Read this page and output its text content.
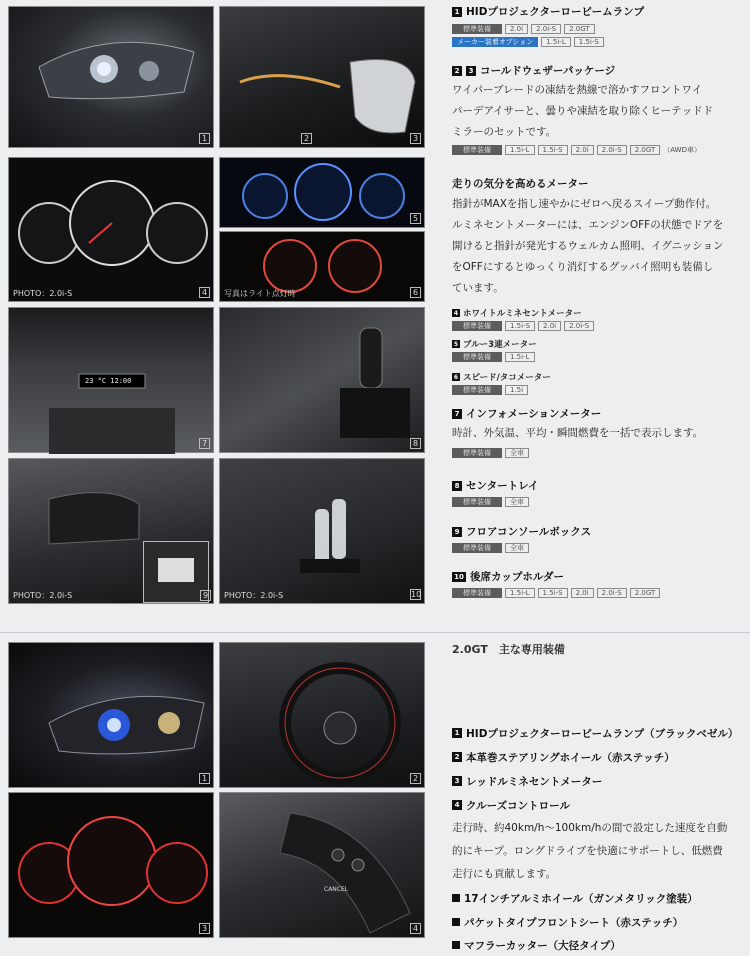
1	2	3
PHOTO：2.0i-S	4
5
写真はライト点灯時	6
23 °C 12:00
7	8
PHOTO：2.0i-S	PHOTO：2.0i-S	10
9
1 HIDプロジェクターロービームランプ
標準装備	2.0i	2.0i-S	2.0GT
メーカー装着オプション	1.5i-L	1.5i-S
2	3 コールドウェザーパッケージ
ワイパーブレードの凍結を熱線で溶かすフロントワイ
パーデアイサーと、曇りや凍結を取り除くヒーテッドド
ミラーのセットです。
標準装備	1.5i-L	1.5i-S	2.0i	2.0i-S	2.0GT	（AWD車）
走りの気分を高めるメーター
指針がMAXを指し速やかにゼロへ戻るスイープ動作付。
ルミネセントメーターには、エンジンOFFの状態でドアを
開けると指針が発光するウェルカム照明、イグニッション
をOFFにするとゆっくり消灯するグッバイ照明も装備し
ています。
4 ホワイトルミネセントメーター
標準装備	1.5i-S	2.0i	2.0i-S
5 ブルー3連メーター
標準装備	1.5i-L
6 スピード/タコメーター
標準装備	1.5i
7 インフォメーションメーター
時計、外気温、平均・瞬間燃費を一括で表示します。
標準装備	全車
8 センタートレイ
標準装備	全車
9 フロアコンソールボックス
標準装備	全車
10 後席カップホルダー
標準装備	1.5i-L	1.5i-S	2.0i	2.0i-S	2.0GT
1	2
3
CANCEL
4
2.0GT　主な専用装備
1 HIDプロジェクターロービームランプ（ブラックベゼル）
2 本革巻ステアリングホイール（赤ステッチ）
3 レッドルミネセントメーター
4 クルーズコントロール
走行時、約40km/h〜100km/hの間で設定した速度を自動
的にキープ。ロングドライブを快適にサポートし、低燃費
走行にも貢献します。
17インチアルミホイール（ガンメタリック塗装）
パケットタイプフロントシート（赤ステッチ）
マフラーカッター（大径タイプ）
